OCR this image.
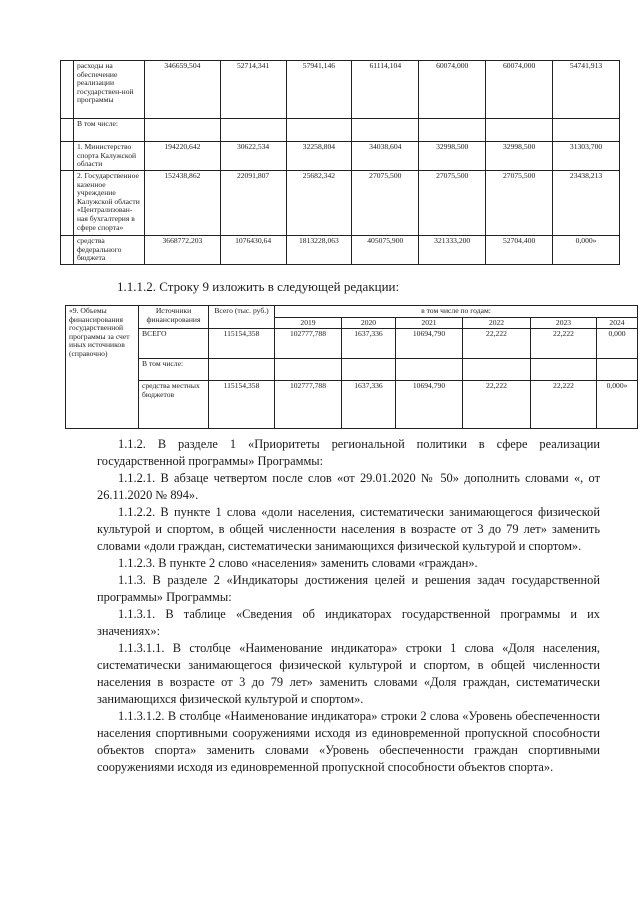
	расходы на обеспечение реализации государствен-ной программы	346659,504	52714,341	57941,146	61114,104	60074,000	60074,000	54741,913
	В том числе:							
	1. Министерство спорта Калужской области	194220,642	30622,534	32258,804	34038,604	32998,500	32998,500	31303,700
	2. Государственное казенное учреждение Калужской области «Централизован-ная бухгалтерия в сфере спорта»	152438,862	22091,807	25682,342	27075,500	27075,500	27075,500	23438,213
	средства федерального бюджета	3668772,203	1076430,64	1813228,063	405075,900	321333,200	52704,400	0,000»
1.1.1.2. Строку 9 изложить в следующей редакции:
«9. Объемы финансирования государственной программы за счет иных источников (справочно)	Источники финансирования	Всего (тыс. руб.)	в том числе по годам:					
			2019	2020	2021	2022	2023	2024
	ВСЕГО	115154,358	102777,788	1637,336	10694,790	22,222	22,222	0,000
	В том числе:							
	средства местных бюджетов	115154,358	102777,788	1637,336	10694,790	22,222	22,222	0,000»

1.1.2. В разделе 1 «Приоритеты региональной политики в сфере реализации государственной программы» Программы:

1.1.2.1. В абзаце четвертом после слов «от 29.01.2020 № 50» дополнить словами «, от 26.11.2020 № 894».

1.1.2.2. В пункте 1 слова «доли населения, систематически занимающегося физической культурой и спортом, в общей численности населения в возрасте от 3 до 79 лет» заменить словами «доли граждан, систематически занимающихся физической культурой и спортом».

1.1.2.3. В пункте 2 слово «населения» заменить словами «граждан».

1.1.3. В разделе 2 «Индикаторы достижения целей и решения задач государственной программы» Программы:

1.1.3.1. В таблице «Сведения об индикаторах государственной программы и их значениях»:

1.1.3.1.1. В столбце «Наименование индикатора» строки 1 слова «Доля населения, систематически занимающегося физической культурой и спортом, в общей численности населения в возрасте от 3 до 79 лет» заменить словами «Доля граждан, систематически занимающихся физической культурой и спортом».

1.1.3.1.2. В столбце «Наименование индикатора» строки 2 слова «Уровень обеспеченности населения спортивными сооружениями исходя из единовременной пропускной способности объектов спорта» заменить словами «Уровень обеспеченности граждан спортивными сооружениями исходя из единовременной пропускной способности объектов спорта».
